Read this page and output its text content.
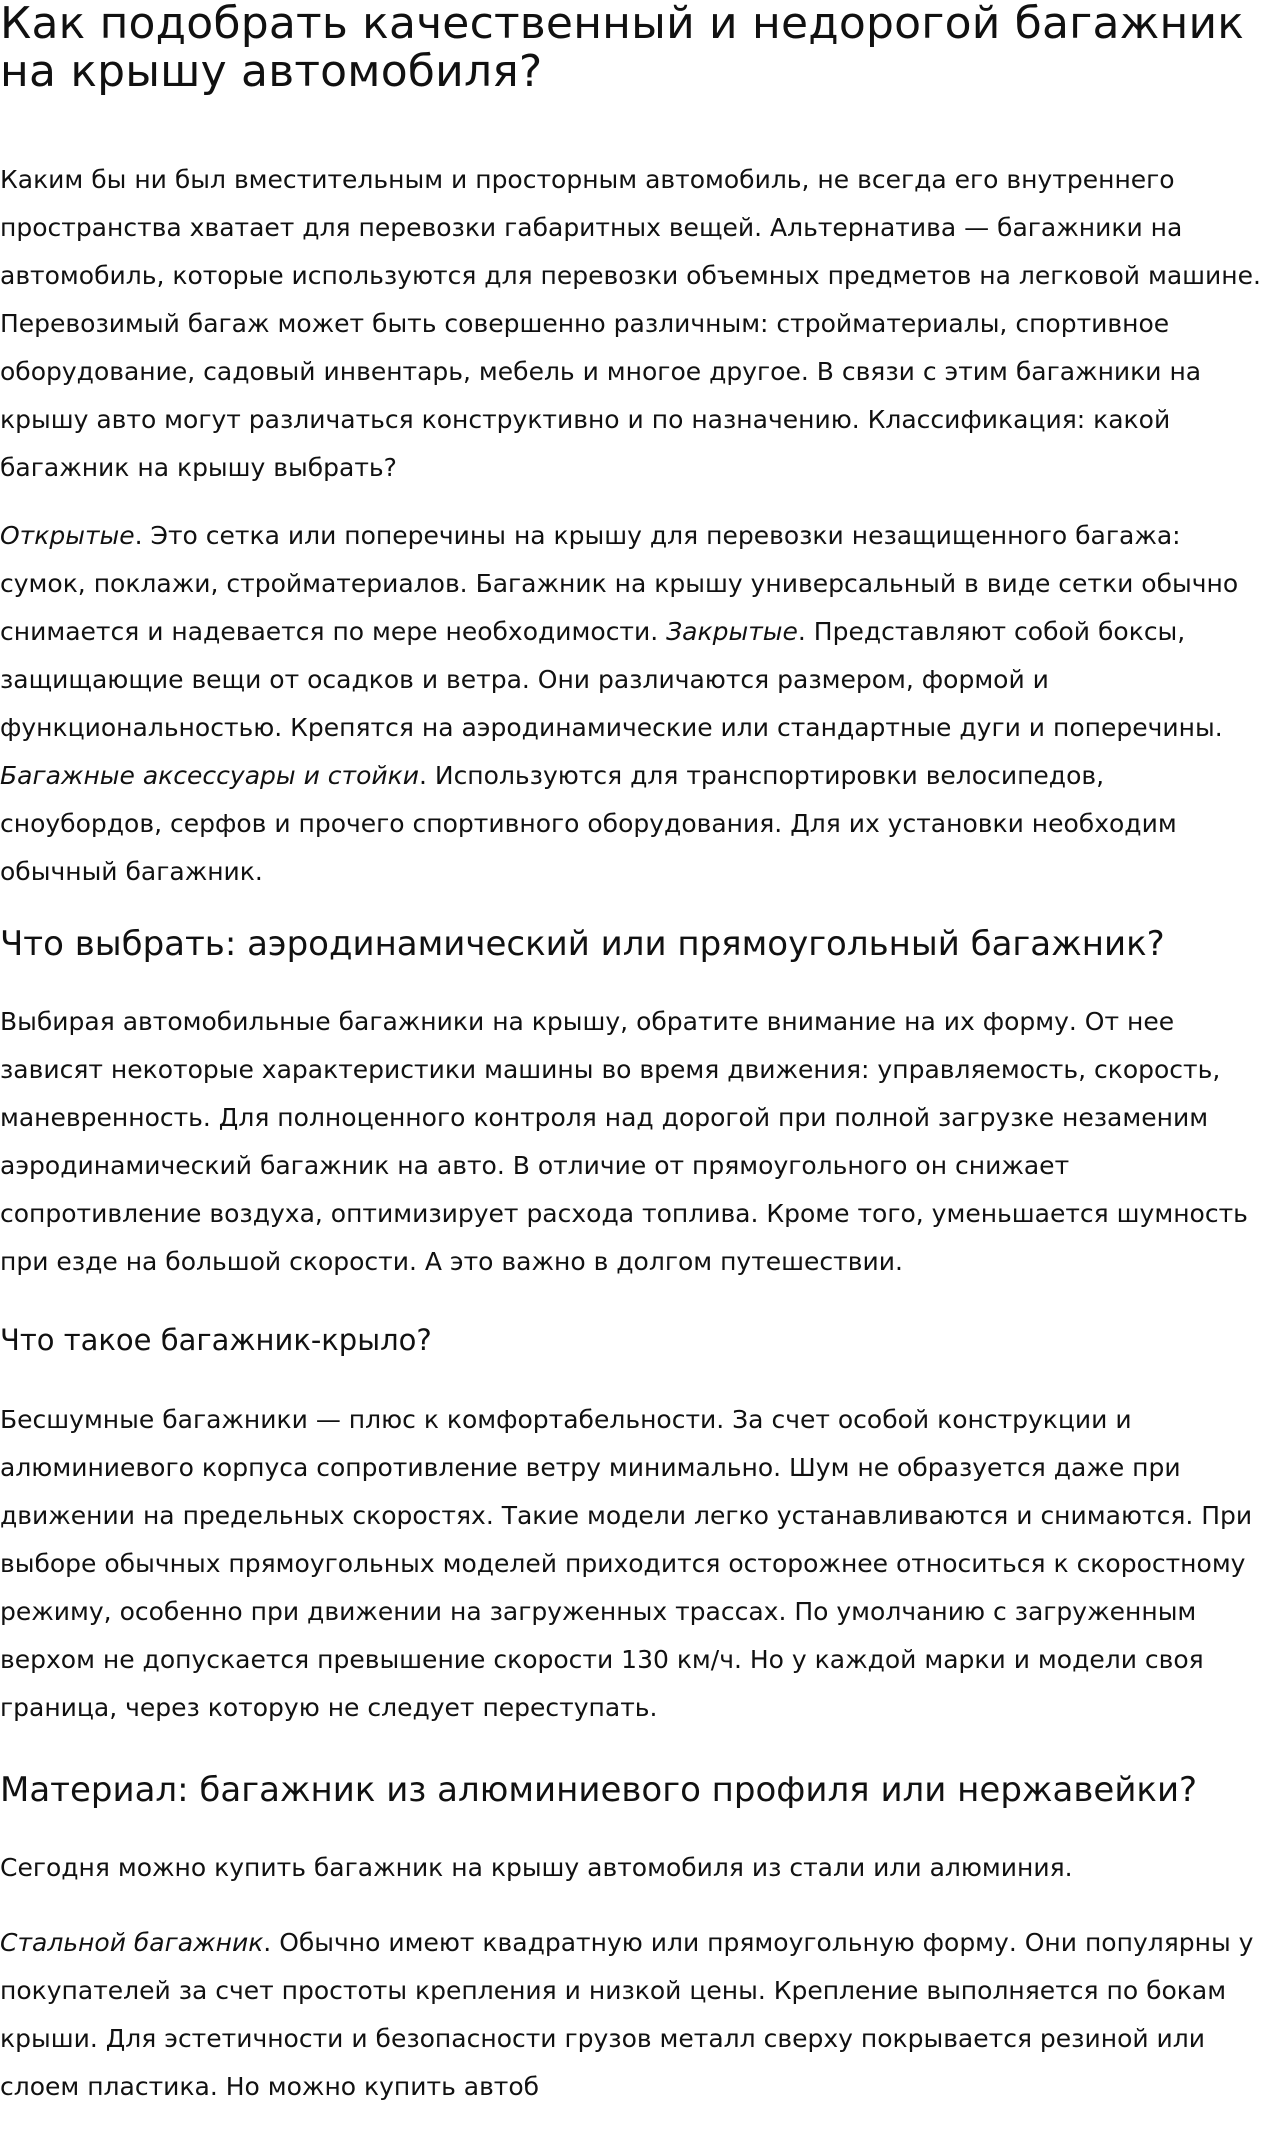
Как подобрать качественный и недорогой багажник на крышу автомобиля?

Каким бы ни был вместительным и просторным автомобиль, не всегда его внутреннего пространства хватает для перевозки габаритных вещей. Альтернатива — багажники на автомобиль, которые используются для перевозки объемных предметов на легковой машине. Перевозимый багаж может быть совершенно различным: стройматериалы, спортивное оборудование, садовый инвентарь, мебель и многое другое. В связи с этим багажники на крышу авто могут различаться конструктивно и по назначению. Классификация: какой багажник на крышу выбрать?

Открытые. Это сетка или поперечины на крышу для перевозки незащищенного багажа: сумок, поклажи, стройматериалов. Багажник на крышу универсальный в виде сетки обычно снимается и надевается по мере необходимости. Закрытые. Представляют собой боксы, защищающие вещи от осадков и ветра. Они различаются размером, формой и функциональностью. Крепятся на аэродинамические или стандартные дуги и поперечины. Багажные аксессуары и стойки. Используются для транспортировки велосипедов, сноубордов, серфов и прочего спортивного оборудования. Для их установки необходим обычный багажник.

Что выбрать: аэродинамический или прямоугольный багажник?

Выбирая автомобильные багажники на крышу, обратите внимание на их форму. От нее зависят некоторые характеристики машины во время движения: управляемость, скорость, маневренность. Для полноценного контроля над дорогой при полной загрузке незаменим аэродинамический багажник на авто. В отличие от прямоугольного он снижает сопротивление воздуха, оптимизирует расхода топлива. Кроме того, уменьшается шумность при езде на большой скорости. А это важно в долгом путешествии.

Что такое багажник-крыло?

Бесшумные багажники — плюс к комфортабельности. За счет особой конструкции и алюминиевого корпуса сопротивление ветру минимально. Шум не образуется даже при движении на предельных скоростях. Такие модели легко устанавливаются и снимаются. При выборе обычных прямоугольных моделей приходится осторожнее относиться к скоростному режиму, особенно при движении на загруженных трассах. По умолчанию с загруженным верхом не допускается превышение скорости 130 км/ч. Но у каждой марки и модели своя граница, через которую не следует переступать.

Материал: багажник из алюминиевого профиля или нержавейки?

Сегодня можно купить багажник на крышу автомобиля из стали или алюминия.

Стальной багажник. Обычно имеют квадратную или прямоугольную форму. Они популярны у покупателей за счет простоты крепления и низкой цены. Крепление выполняется по бокам крыши. Для эстетичности и безопасности грузов металл сверху покрывается резиной или слоем пластика. Но можно купить автоб
